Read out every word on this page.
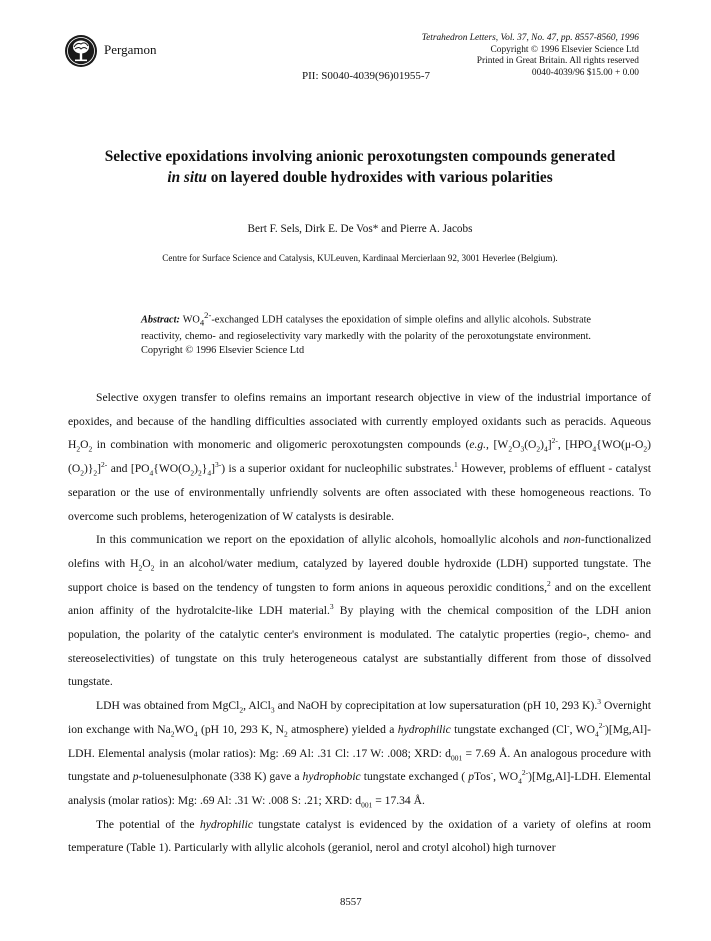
Pergamon
Tetrahedron Letters, Vol. 37, No. 47, pp. 8557-8560, 1996
Copyright © 1996 Elsevier Science Ltd
Printed in Great Britain. All rights reserved
0040-4039/96 $15.00 + 0.00
PII: S0040-4039(96)01955-7
Selective epoxidations involving anionic peroxotungsten compounds generated
in situ on layered double hydroxides with various polarities
Bert F. Sels, Dirk E. De Vos* and Pierre A. Jacobs
Centre for Surface Science and Catalysis, KULeuven, Kardinaal Mercierlaan 92, 3001 Heverlee (Belgium).
Abstract: $WO_4^{2-}$-exchanged LDH catalyses the epoxidation of simple olefins and allylic alcohols. Substrate reactivity, chemo- and regioselectivity vary markedly with the polarity of the peroxotungstate environment. Copyright © 1996 Elsevier Science Ltd

Selective oxygen transfer to olefins remains an important research objective in view of the industrial importance of epoxides, and because of the handling difficulties associated with currently employed oxidants such as peracids. Aqueous $H_2O_2$ in combination with monomeric and oligomeric peroxotungsten compounds (e.g., $[W_2O_3(O_2)_4]^{2-}$, $[HPO_4\{WO(\mu-O_2)(O_2)\}_2]^{2-}$ and $[PO_4\{WO(O_2)_2\}_4]^{3-}$) is a superior oxidant for nucleophilic substrates.$^1$ However, problems of effluent - catalyst separation or the use of environmentally unfriendly solvents are often associated with these homogeneous reactions. To overcome such problems, heterogenization of W catalysts is desirable.

In this communication we report on the epoxidation of allylic alcohols, homoallylic alcohols and non-functionalized olefins with $H_2O_2$ in an alcohol/water medium, catalyzed by layered double hydroxide (LDH) supported tungstate. The support choice is based on the tendency of tungsten to form anions in aqueous peroxidic conditions,$^2$ and on the excellent anion affinity of the hydrotalcite-like LDH material.$^3$ By playing with the chemical composition of the LDH anion population, the polarity of the catalytic center's environment is modulated. The catalytic properties (regio-, chemo- and stereoselectivities) of tungstate on this truly heterogeneous catalyst are substantially different from those of dissolved tungstate.

LDH was obtained from MgCl$_2$, AlCl$_3$ and NaOH by coprecipitation at low supersaturation (pH 10, 293 K).$^3$ Overnight ion exchange with $Na_2WO_4$ (pH 10, 293 K, $N_2$ atmosphere) yielded a hydrophilic tungstate exchanged (Cl-, $WO_4^{2-})[Mg,Al]$-LDH. Elemental analysis (molar ratios): Mg: .69 Al: .31 Cl: .17 W: .008; XRD: $d_{001} = 7.69$ Å. An analogous procedure with tungstate and p-toluenesulphonate (338 K) gave a hydrophobic tungstate exchanged ( pTos-, $WO_4^{2-})[Mg,Al]$-LDH. Elemental analysis (molar ratios): Mg: .69 Al: .31 W: .008 S: .21; XRD: $d_{001} = 17.34$ Å.

The potential of the hydrophilic tungstate catalyst is evidenced by the oxidation of a variety of olefins at room temperature (Table 1). Particularly with allylic alcohols (geraniol, nerol and crotyl alcohol) high turnover

8557
